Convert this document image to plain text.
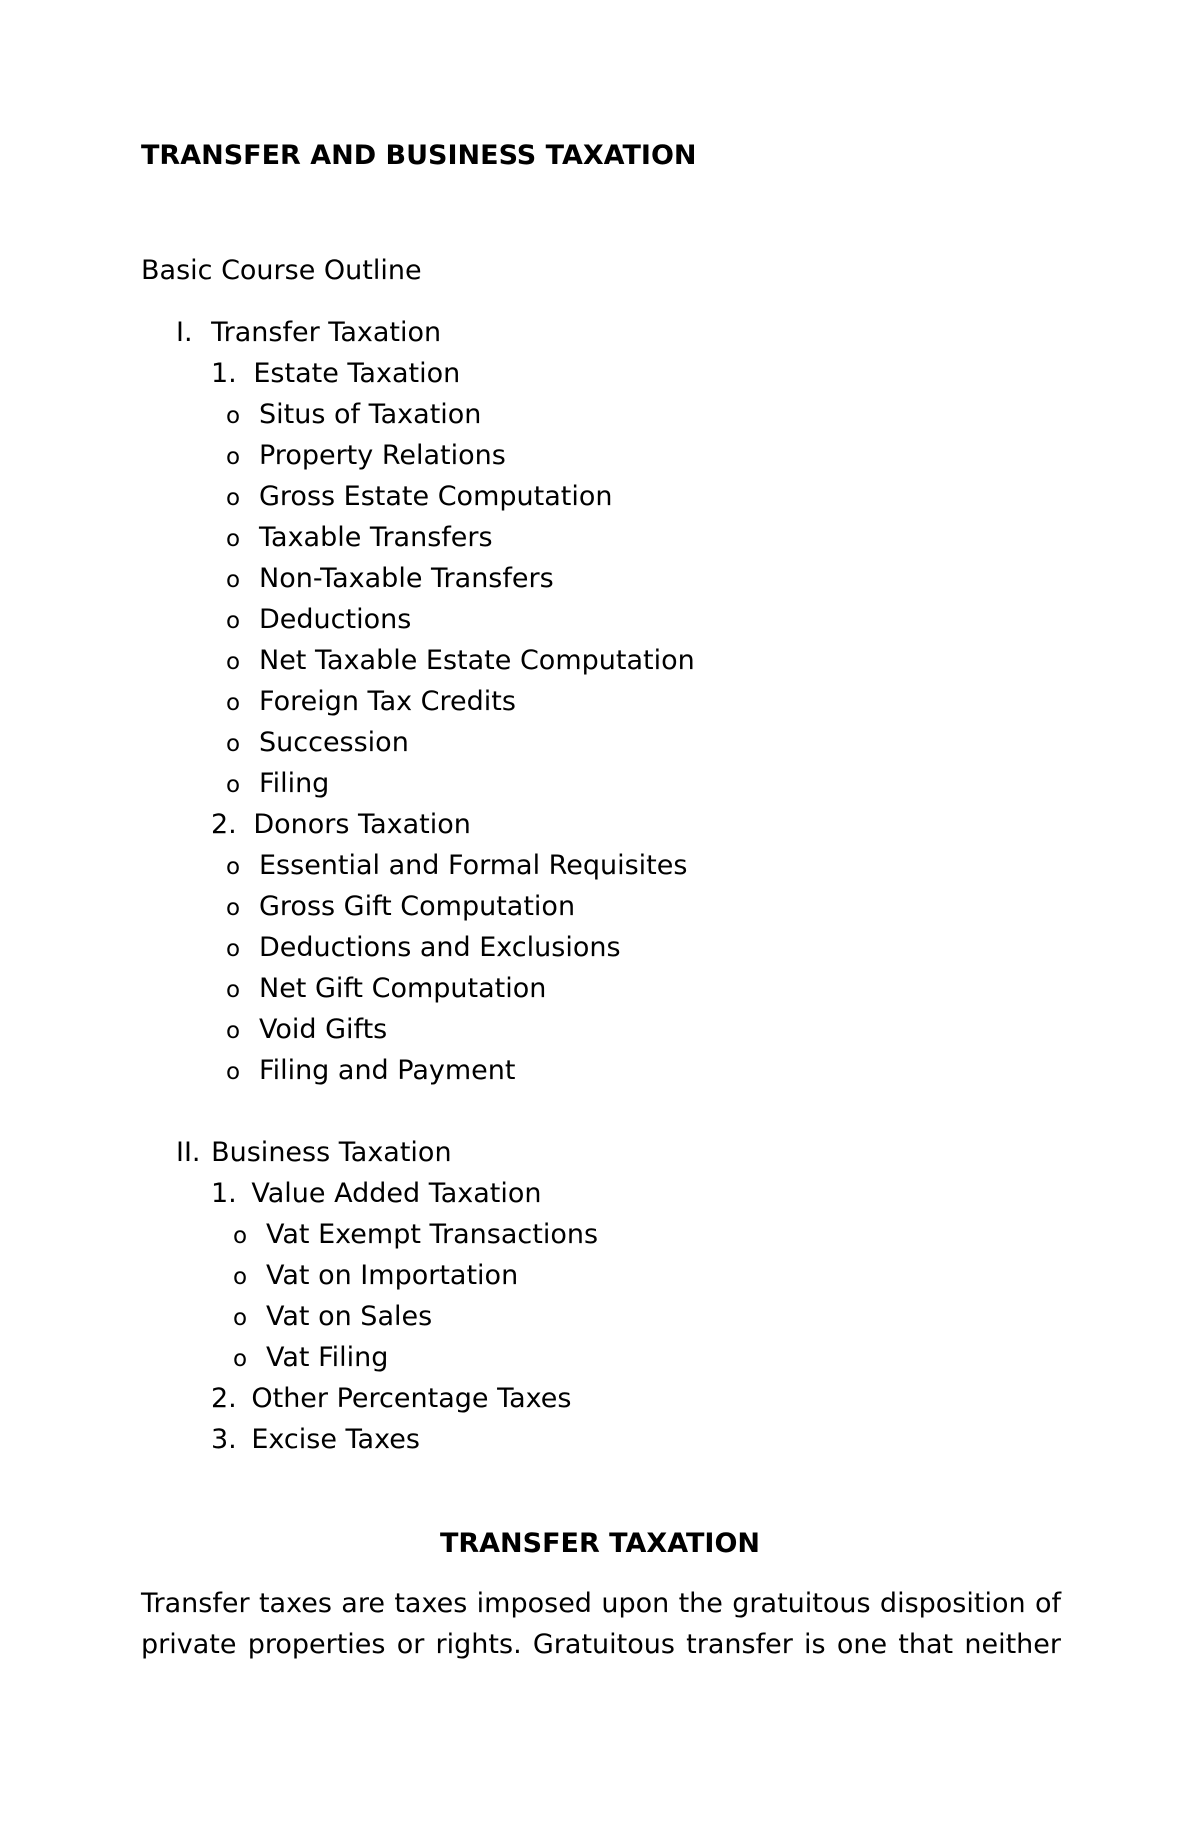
TRANSFER AND BUSINESS TAXATION

Basic Course Outline

I. Transfer Taxation
1. Estate Taxation
o Situs of Taxation
o Property Relations
o Gross Estate Computation
o Taxable Transfers
o Non-Taxable Transfers
o Deductions
o Net Taxable Estate Computation
o Foreign Tax Credits
o Succession
o Filing
2. Donors Taxation
o Essential and Formal Requisites
o Gross Gift Computation
o Deductions and Exclusions
o Net Gift Computation
o Void Gifts
o Filing and Payment
II. Business Taxation
1. Value Added Taxation
o Vat Exempt Transactions
o Vat on Importation
o Vat on Sales
o Vat Filing
2. Other Percentage Taxes
3. Excise Taxes
TRANSFER TAXATION
Transfer taxes are taxes imposed upon the gratuitous disposition of
private properties or rights. Gratuitous transfer is one that neither
